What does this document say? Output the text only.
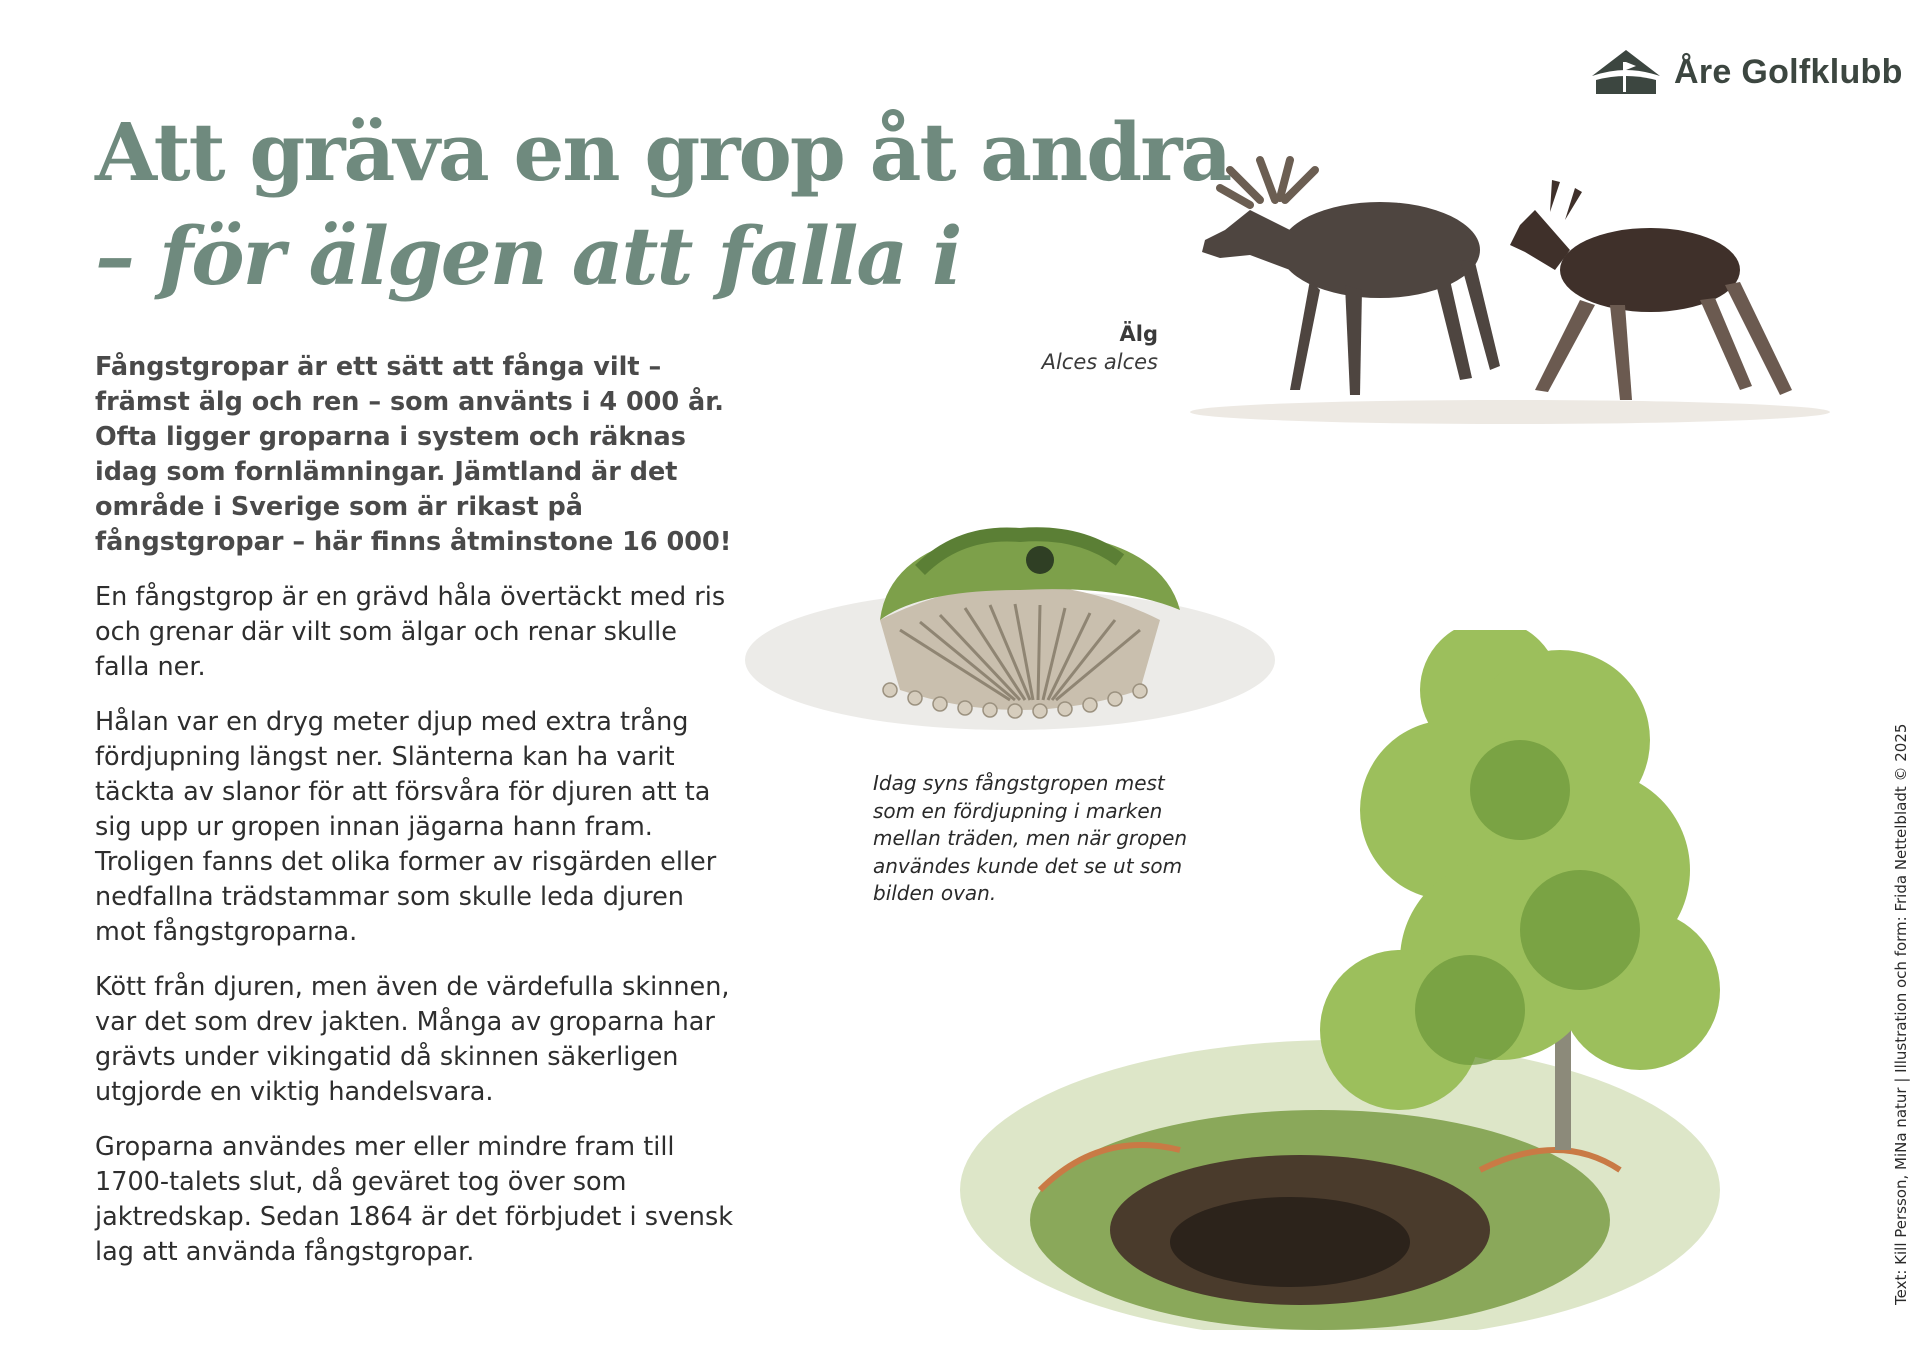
Åre Golfklubb
Att gräva en grop åt andra
– för älgen att falla i

Fångstgropar är ett sätt att fånga vilt – främst älg och ren – som använts i 4 000 år. Ofta ligger groparna i system och räknas idag som fornlämningar. Jämtland är det område i Sverige som är rikast på fångstgropar – här finns åtminstone 16 000!

En fångstgrop är en grävd håla övertäckt med ris och grenar där vilt som älgar och renar skulle falla ner.

Hålan var en dryg meter djup med extra trång fördjupning längst ner. Slänterna kan ha varit täckta av slanor för att försvåra för djuren att ta sig upp ur gropen innan jägarna hann fram. Troligen fanns det olika former av risgärden eller nedfallna trädstammar som skulle leda djuren mot fångstgroparna.

Kött från djuren, men även de värdefulla skinnen, var det som drev jakten. Många av groparna har grävts under vikingatid då skinnen säkerligen utgjorde en viktig handelsvara.

Groparna användes mer eller mindre fram till 1700-talets slut, då geväret tog över som jaktredskap. Sedan 1864 är det förbjudet i svensk lag att använda fångstgropar.

Älg
Alces alces

Idag syns fångstgropen mest som en fördjupning i marken mellan träden, men när gropen användes kunde det se ut som bilden ovan.	Text: Kill Persson, MiNa natur | Illustration och form: Frida Nettelbladt © 2025
